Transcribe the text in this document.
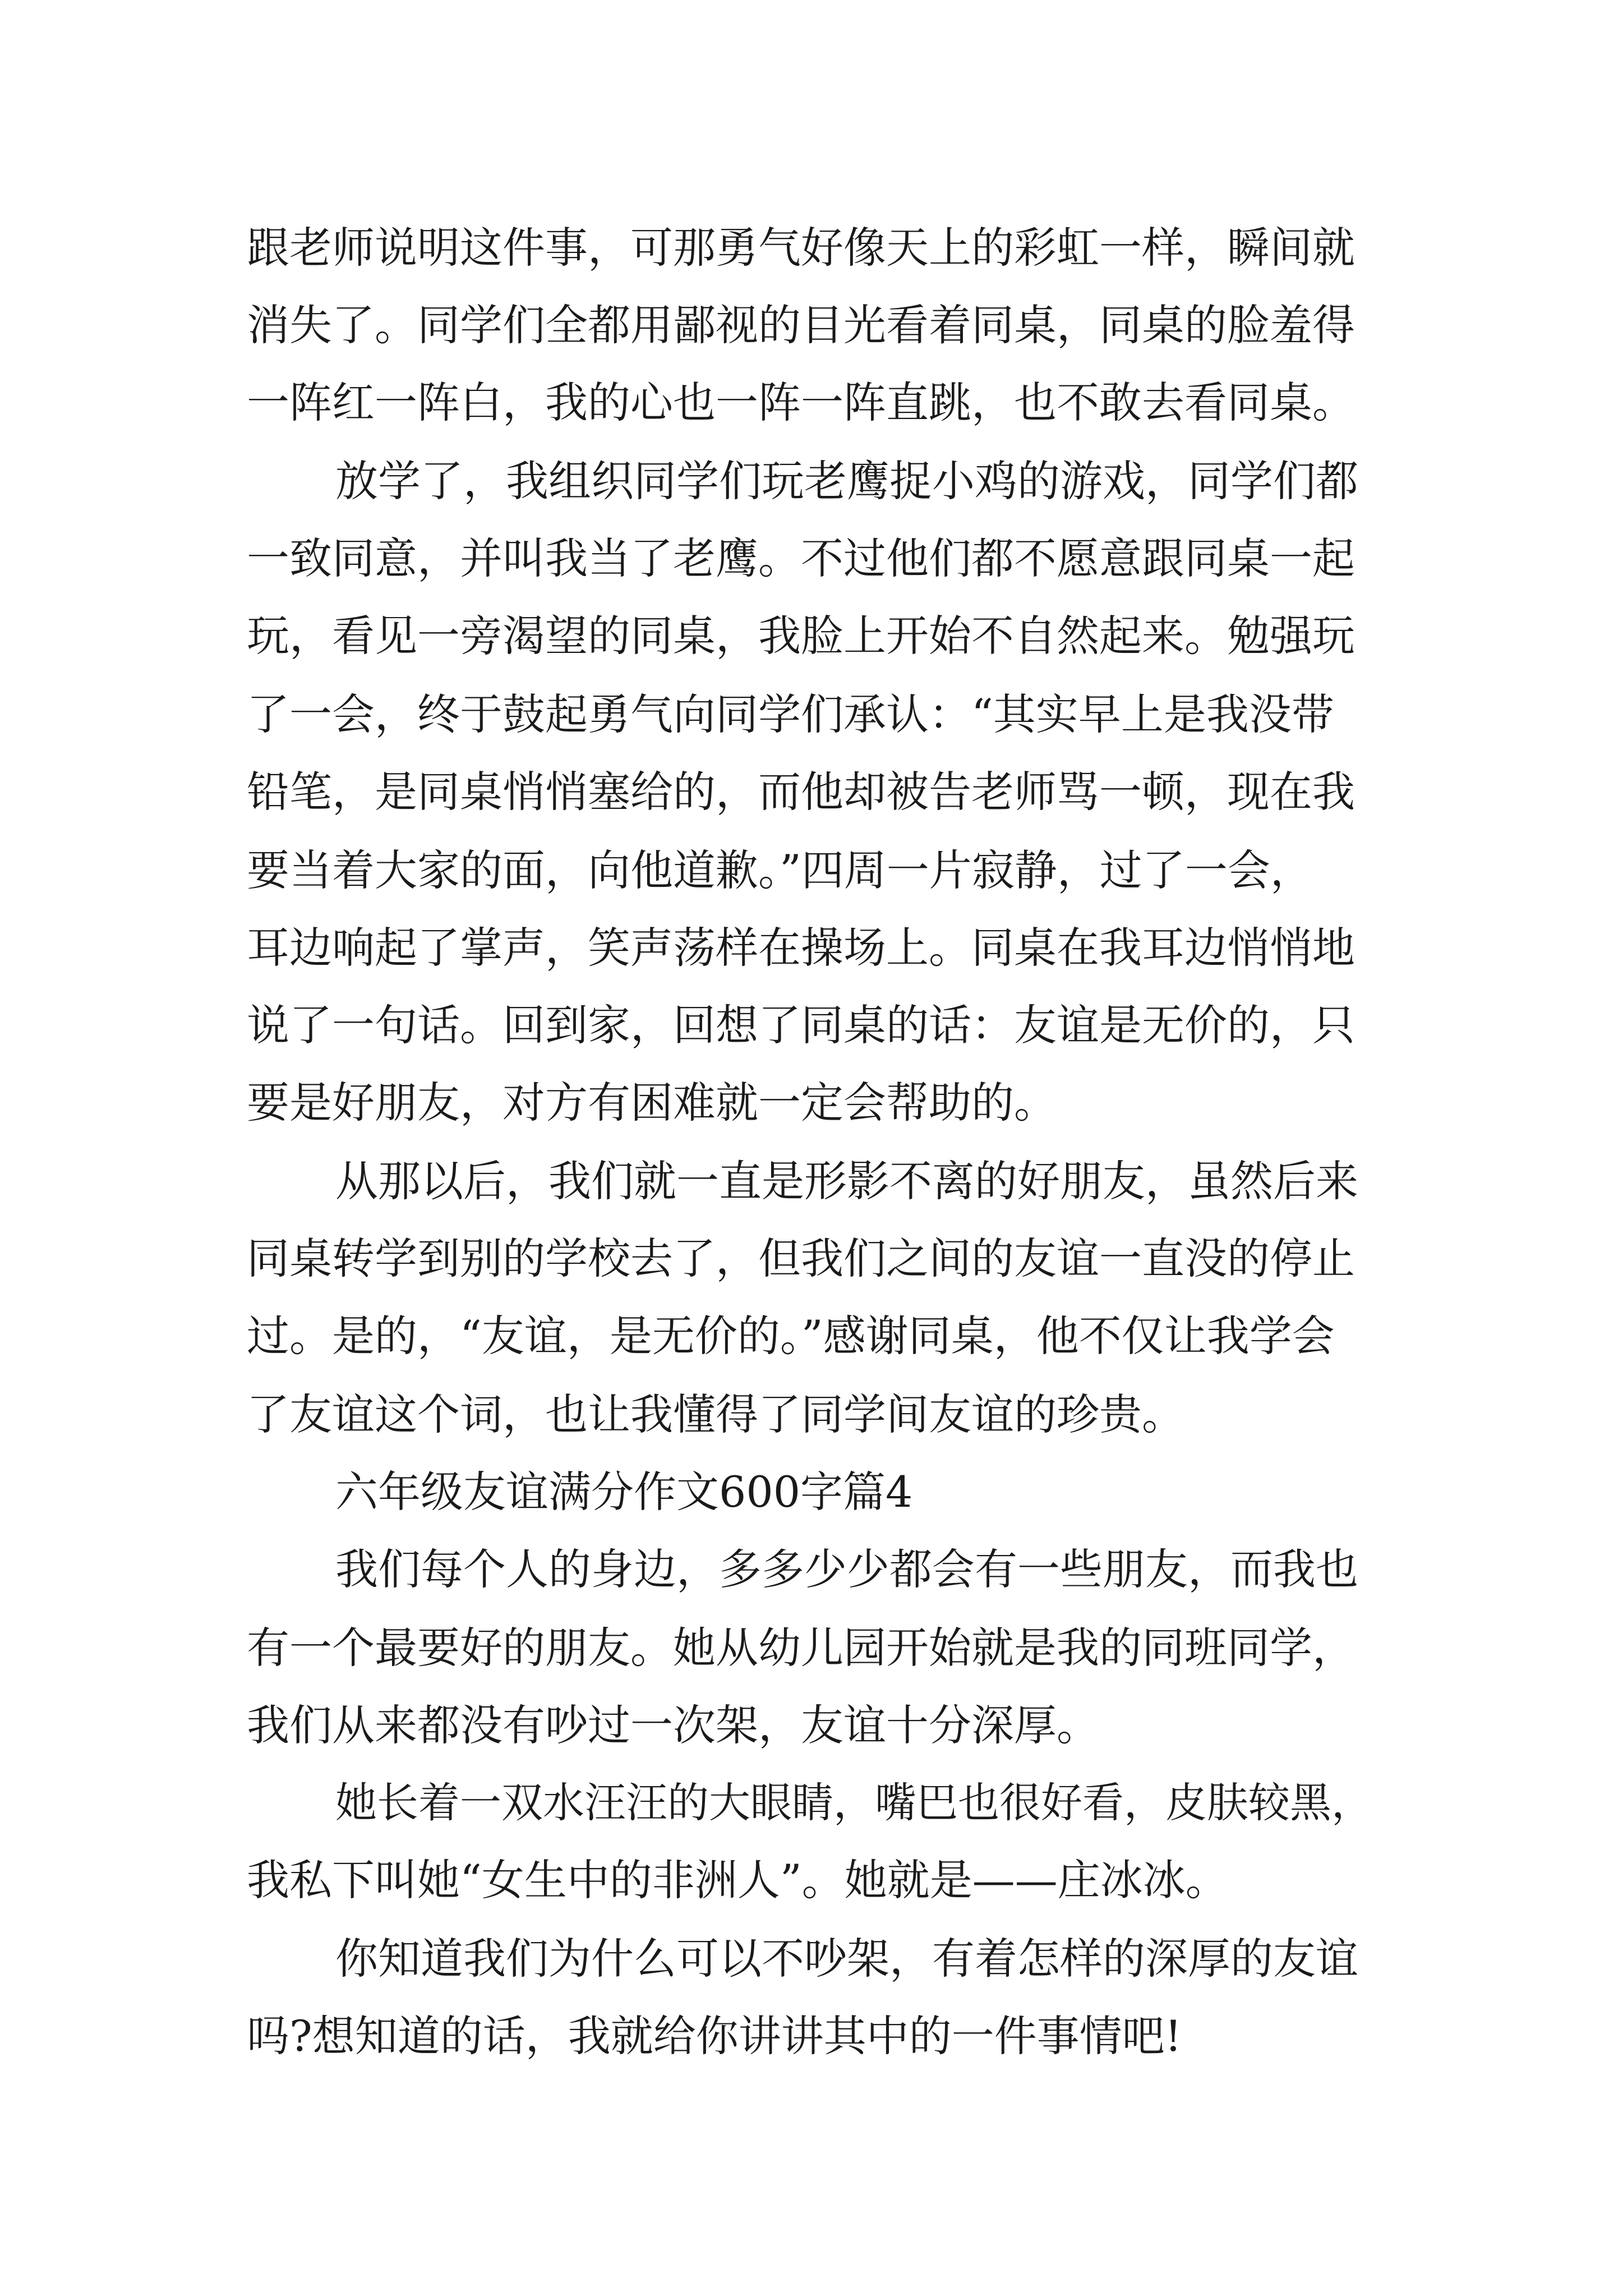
跟老师说明这件事，可那勇气好像天上的彩虹一样，瞬间就

消失了。同学们全都用鄙视的目光看着同桌，同桌的脸羞得

一阵红一阵白，我的心也一阵一阵直跳，也不敢去看同桌。

放学了，我组织同学们玩老鹰捉小鸡的游戏，同学们都

一致同意，并叫我当了老鹰。不过他们都不愿意跟同桌一起

玩，看见一旁渴望的同桌，我脸上开始不自然起来。勉强玩

了一会，终于鼓起勇气向同学们承认：“其实早上是我没带

铅笔，是同桌悄悄塞给的，而他却被告老师骂一顿，现在我

要当着大家的面，向他道歉。”四周一片寂静，过了一会，

耳边响起了掌声，笑声荡样在操场上。同桌在我耳边悄悄地

说了一句话。回到家，回想了同桌的话：友谊是无价的，只

要是好朋友，对方有困难就一定会帮助的。

从那以后，我们就一直是形影不离的好朋友，虽然后来

同桌转学到别的学校去了，但我们之间的友谊一直没的停止

过。是的，“友谊，是无价的。”感谢同桌，他不仅让我学会

了友谊这个词，也让我懂得了同学间友谊的珍贵。

六年级友谊满分作文600字篇4

我们每个人的身边，多多少少都会有一些朋友，而我也

有一个最要好的朋友。她从幼儿园开始就是我的同班同学，

我们从来都没有吵过一次架，友谊十分深厚。

她长着一双水汪汪的大眼睛，嘴巴也很好看，皮肤较黑，

我私下叫她“女生中的非洲人”。她就是——庄冰冰。

你知道我们为什么可以不吵架，有着怎样的深厚的友谊

吗?想知道的话，我就给你讲讲其中的一件事情吧!
